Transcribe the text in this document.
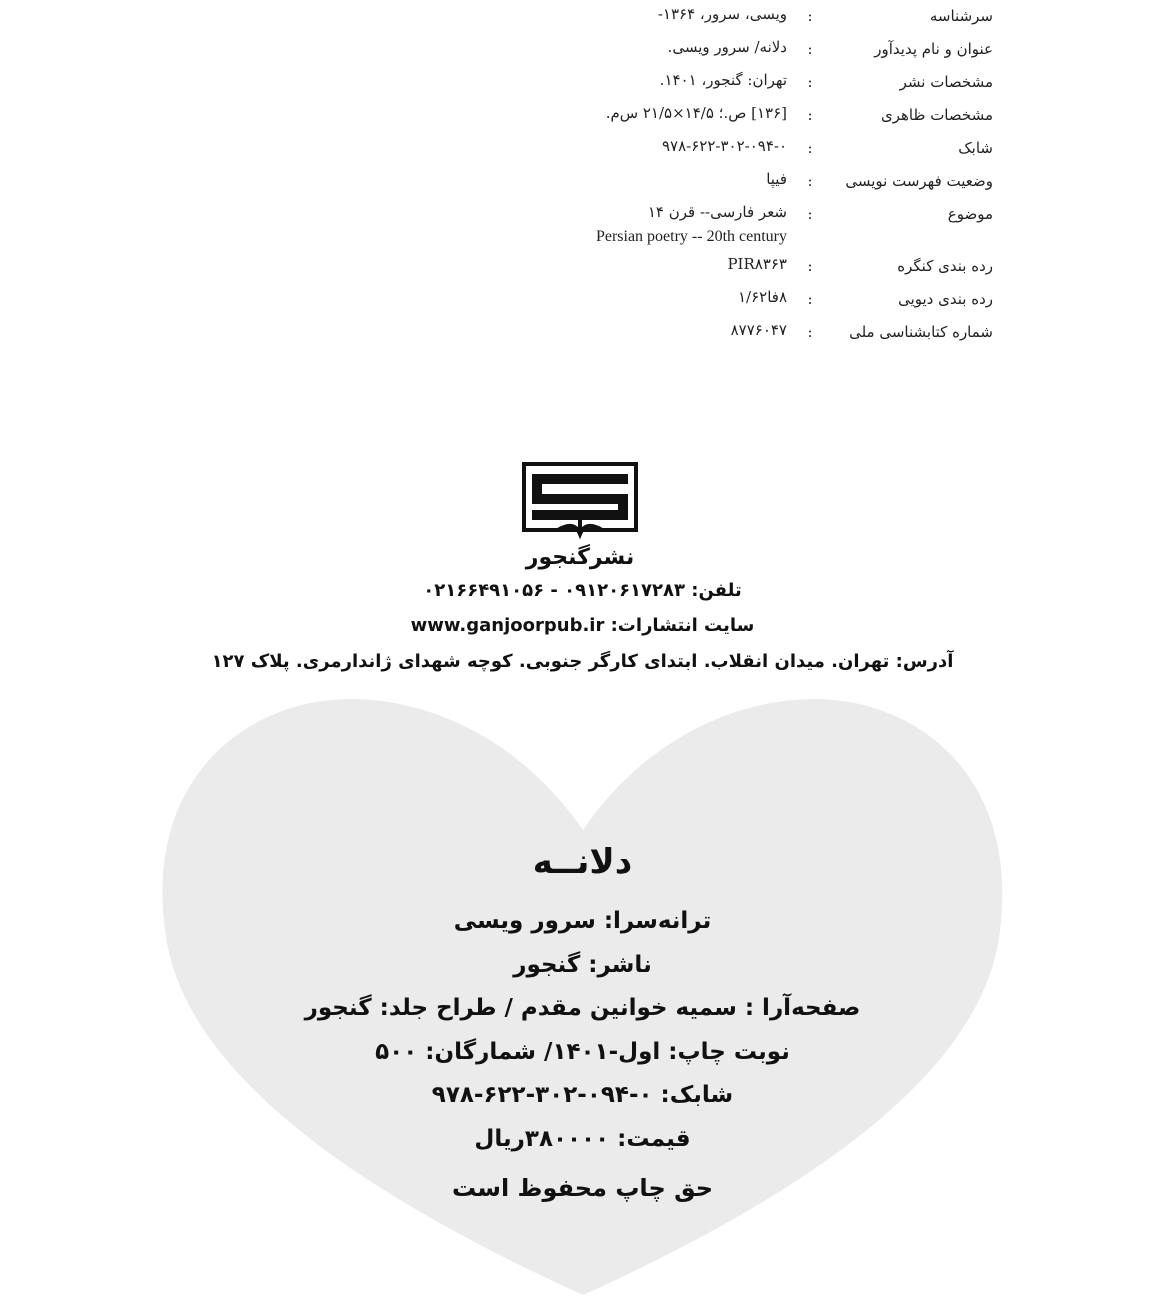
سرشناسه
:
ویسی، سرور، ۱۳۶۴-
عنوان و نام پدیدآور
:
دلانه/ سرور ویسی.
مشخصات نشر
:
تهران: گنجور، ۱۴۰۱.
مشخصات ظاهری
:
[۱۳۶] ص.؛ ۱۴/۵×۲۱/۵ س‌م.
شابک
:
۹۷۸-۶۲۲-۳۰۲-۰۹۴-۰
وضعیت فهرست نویسی
:
فیپا
موضوع
:
شعر فارسی-- قرن ۱۴
Persian poetry -- 20th century
رده بندی کنگره
:
PIR۸۳۶۳
رده بندی دیویی
:
۸فا۱/۶۲
شماره کتابشناسی ملی
:
۸۷۷۶۰۴۷
نشرگنجور
تلفن: ۰۹۱۲۰۶۱۷۲۸۳ - ۰۲۱۶۶۴۹۱۰۵۶
سایت انتشارات: www.ganjoorpub.ir
آدرس: تهران. میدان انقلاب. ابتدای کارگر جنوبی. کوچه شهدای ژاندارمری. پلاک ۱۲۷
دلانــه
ترانه‌سرا: سرور ویسی
ناشر: گنجور
صفحه‌آرا : سمیه خوانین مقدم / طراح جلد: گنجور
نوبت چاپ: اول-۱۴۰۱/ شمارگان: ۵۰۰
شابک: ۰-۰۹۴-۳۰۲-۶۲۲-۹۷۸
قیمت: ۳۸۰۰۰۰ریال
حق چاپ محفوظ است
